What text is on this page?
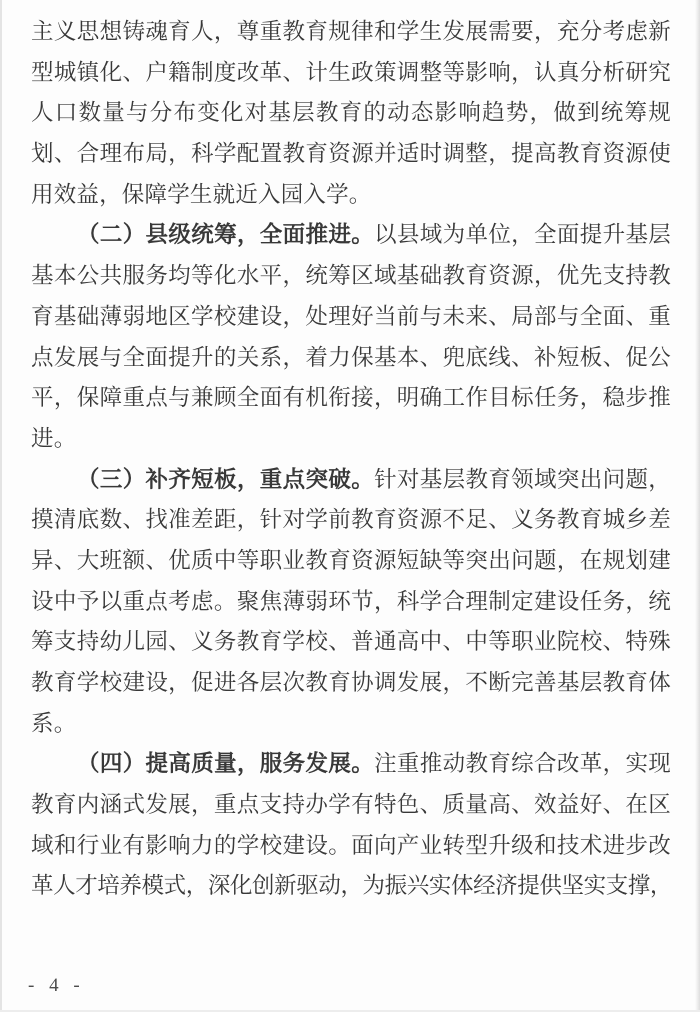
主义思想铸魂育人，尊重教育规律和学生发展需要，充分考虑新
型城镇化、户籍制度改革、计生政策调整等影响，认真分析研究
人口数量与分布变化对基层教育的动态影响趋势，做到统筹规
划、合理布局，科学配置教育资源并适时调整，提高教育资源使
用效益，保障学生就近入园入学。
（二）县级统筹，全面推进。以县域为单位，全面提升基层
基本公共服务均等化水平，统筹区域基础教育资源，优先支持教
育基础薄弱地区学校建设，处理好当前与未来、局部与全面、重
点发展与全面提升的关系，着力保基本、兜底线、补短板、促公
平，保障重点与兼顾全面有机衔接，明确工作目标任务，稳步推
进。
（三）补齐短板，重点突破。针对基层教育领域突出问题，
摸清底数、找准差距，针对学前教育资源不足、义务教育城乡差
异、大班额、优质中等职业教育资源短缺等突出问题，在规划建
设中予以重点考虑。聚焦薄弱环节，科学合理制定建设任务，统
筹支持幼儿园、义务教育学校、普通高中、中等职业院校、特殊
教育学校建设，促进各层次教育协调发展，不断完善基层教育体
系。
（四）提高质量，服务发展。注重推动教育综合改革，实现
教育内涵式发展，重点支持办学有特色、质量高、效益好、在区
域和行业有影响力的学校建设。面向产业转型升级和技术进步改
革人才培养模式，深化创新驱动，为振兴实体经济提供坚实支撑，
- 4 -
